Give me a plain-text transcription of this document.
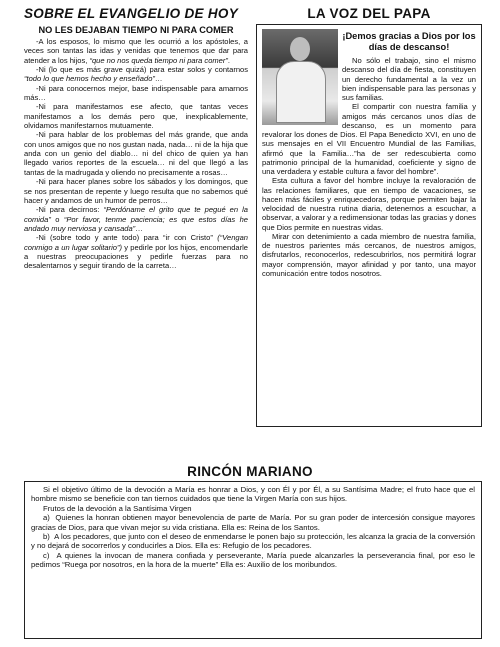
SOBRE EL EVANGELIO DE HOY
NO LES DEJABAN TIEMPO NI PARA COMER

-A los esposos, lo mismo que les ocurrió a los apóstoles, a veces son tantas las idas y venidas que tenemos que dar para atender a los hijos, “que no nos queda tiempo ni para comer”.

-Ni (lo que es más grave quizá) para estar solos y contarnos “todo lo que hemos hecho y enseñado”…

-Ni para conocernos mejor, base indispensable para amarnos más…

-Ni para manifestarnos ese afecto, que tantas veces manifestamos a los demás pero que, inexplicablemente, olvidamos manifestarnos mutuamente.

-Ni para hablar de los problemas del más grande, que anda con unos amigos que no nos gustan nada, nada… ni de la hija que anda con un genio del diablo… ni del chico de quien ya han llegado varios reportes de la escuela… ni del que llegó a las tantas de la madrugada y oliendo no precisamente a rosas…

-Ni para hacer planes sobre los sábados y los domingos, que se nos presentan de repente y luego resulta que no sabemos qué hacer y andamos de un humor de perros…

-Ni para decirnos: “Perdóname el grito que te pegué en la comida” o “Por favor, tenme paciencia; es que estos días he andado muy nerviosa y cansada”…

-Ni (sobre todo y ante todo) para “ir con Cristo” (“Vengan conmigo a un lugar solitario”) y pedirle por los hijos, encomendarle a nuestras preocupaciones y pedirle fuerzas para no desalentarnos y seguir tirando de la carreta…

LA VOZ DEL PAPA
¡Demos gracias a Dios por los días de descanso!

No sólo el trabajo, sino el mismo descanso del día de fiesta, constituyen un derecho fundamental a la vez un bien indispensable para las personas y sus familias.

El compartir con nuestra familia y amigos más cercanos unos días de descanso, es un momento para revalorar los dones de Dios. El Papa Benedicto XVI, en uno de sus mensajes en el VII Encuentro Mundial de las Familias, afirmó que la Familia…”ha de ser redescubierta como patrimonio principal de la humanidad, coeficiente y signo de una verdadera y estable cultura a favor del hombre”.

Esta cultura a favor del hombre incluye la revaloración de las relaciones familiares, que en tiempo de vacaciones, se hacen más fáciles y enriquecedoras, porque permiten bajar la velocidad de nuestra rutina diaria, detenernos a escuchar, a observar, a valorar y a redimensionar todas las gracias y dones que Dios permite en nuestras vidas.

Mirar con detenimiento a cada miembro de nuestra familia, de nuestros parientes más cercanos, de nuestros amigos, disfrutarlos, reconocerlos, redescubrirlos, nos permitirá lograr mayor comprensión, mayor afinidad y por tanto, una mayor comunicación entre todos nosotros.

RINCÓN MARIANO

Si el objetivo último de la devoción a María es honrar a Dios, y con Él y por Él, a su Santísima Madre; el fruto hace que el hombre mismo se beneficie con tan tiernos cuidados que tiene la Virgen María con sus hijos.

Frutos de la devoción a la Santísima Virgen

a)  Quienes la honran obtienen mayor benevolencia de parte de María. Por su gran poder de intercesión consigue mayores gracias de Dios, para que vivan mejor su vida cristiana. Ella es: Reina de los Santos.

b)  A los pecadores, que junto con el deseo de enmendarse le ponen bajo su protección, les alcanza la gracia de la conversión y no dejará de socorrerlos y conducirles a Dios. Ella es: Refugio de los pecadores.

c)  A quienes la invocan de manera confiada y perseverante, María puede alcanzarles la perseverancia final, por eso le pedimos “Ruega por nosotros, en la hora de la muerte” Ella es: Auxilio de los moribundos.
